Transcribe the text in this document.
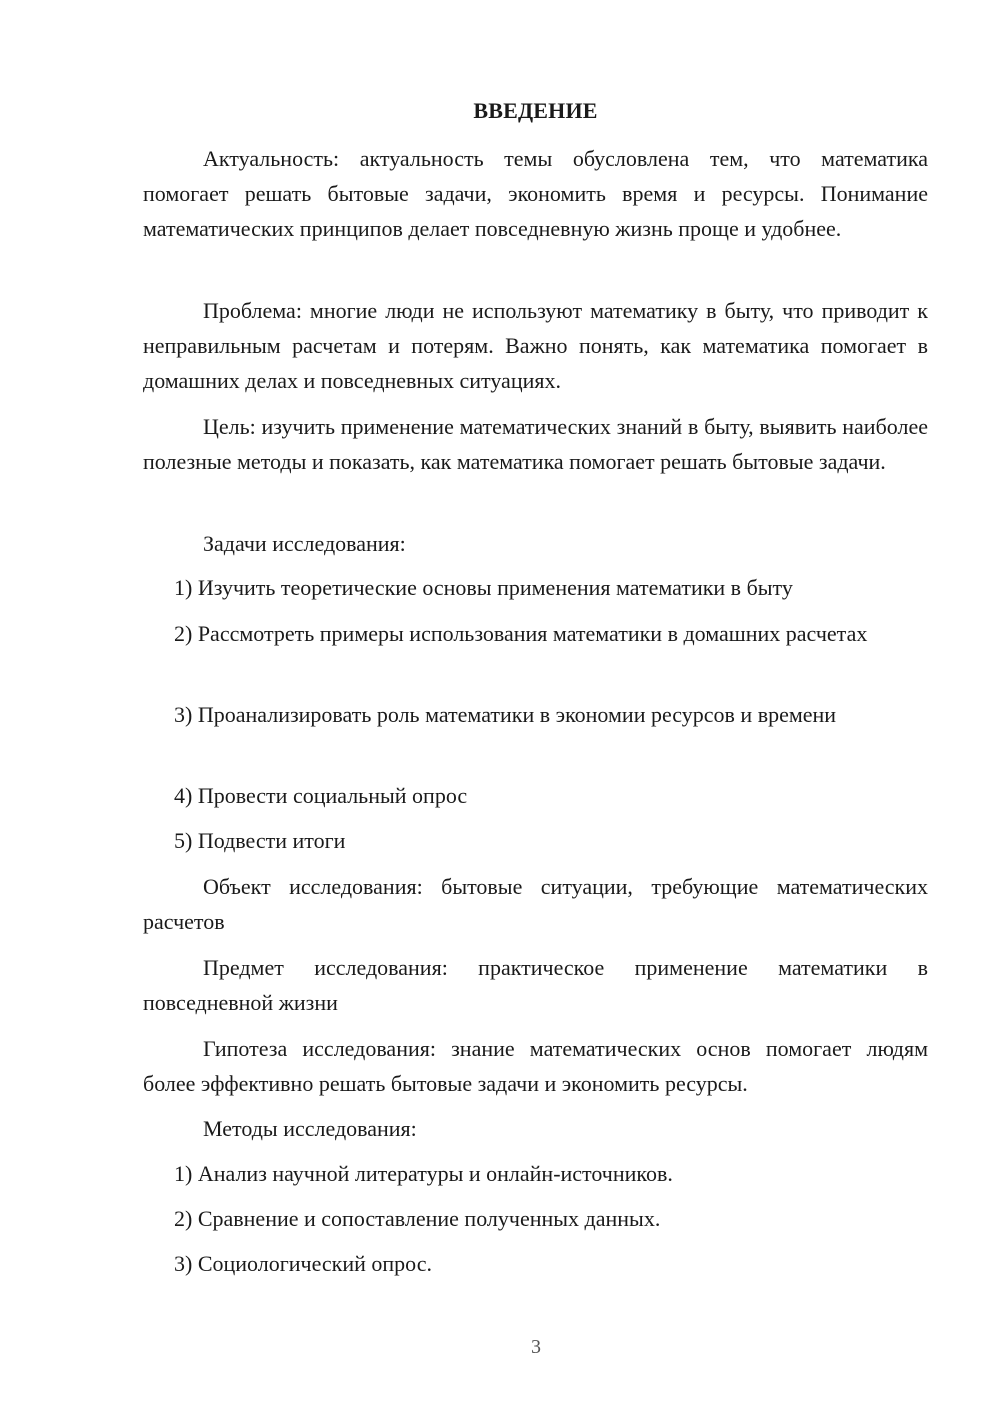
ВВЕДЕНИЕ

Актуальность: актуальность темы обусловлена тем, что математика помогает решать бытовые задачи, экономить время и ресурсы. Понимание математических принципов делает повседневную жизнь проще и удобнее.

Проблема: многие люди не используют математику в быту, что приводит к неправильным расчетам и потерям. Важно понять, как математика помогает в домашних делах и повседневных ситуациях.

Цель: изучить применение математических знаний в быту, выявить наиболее полезные методы и показать, как математика помогает решать бытовые задачи.

Задачи исследования:

1) Изучить теоретические основы применения математики в быту

2) Рассмотреть примеры использования математики в домашних расчетах

3) Проанализировать роль математики в экономии ресурсов и времени

4) Провести социальный опрос

5) Подвести итоги

Объект исследования: бытовые ситуации, требующие математических расчетов

Предмет исследования: практическое применение математики в повседневной жизни

Гипотеза исследования: знание математических основ помогает людям более эффективно решать бытовые задачи и экономить ресурсы.

Методы исследования:

1) Анализ научной литературы и онлайн-источников.

2) Сравнение и сопоставление полученных данных.

3) Социологический опрос.

3
